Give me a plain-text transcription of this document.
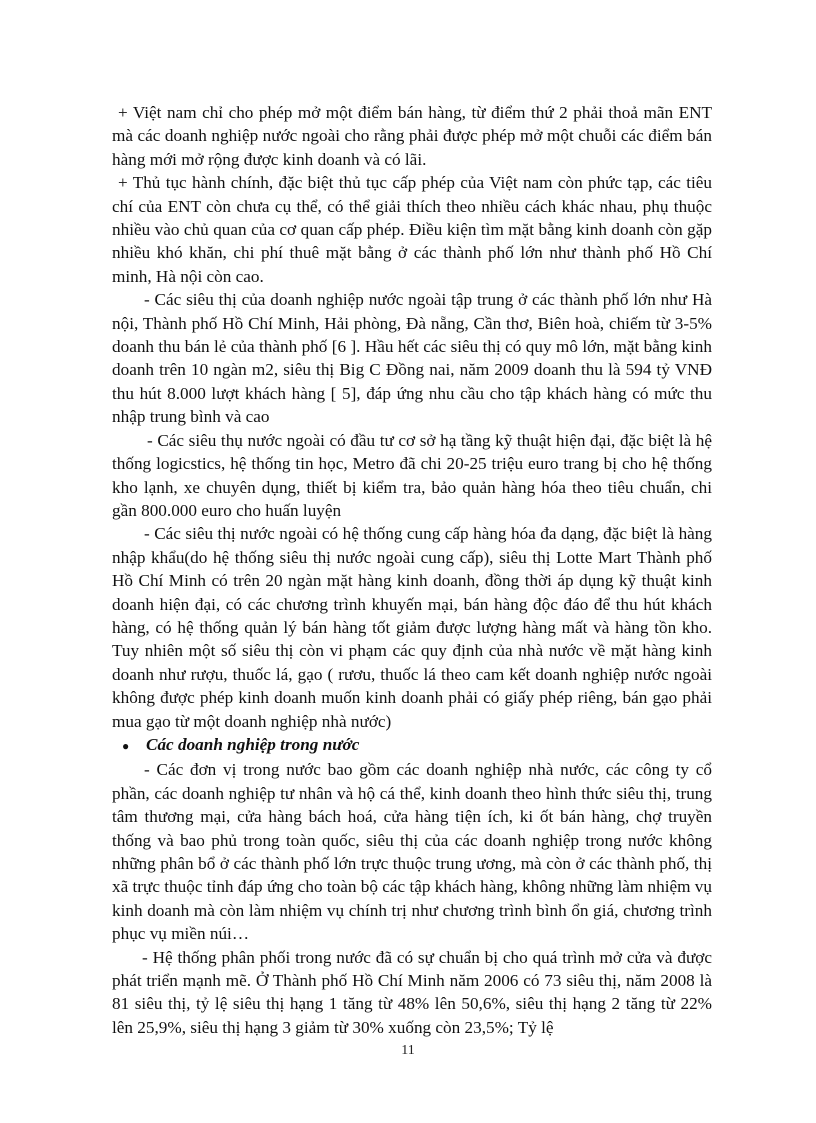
+ Việt nam chỉ cho phép mở một điểm bán hàng, từ điểm thứ 2 phải thoả mãn ENT mà các doanh nghiệp nước ngoài cho rằng phải được phép mở một chuỗi các điểm bán hàng mới mở rộng được kinh doanh và có lãi.

+ Thủ tục hành chính, đặc biệt thủ tục cấp phép của Việt nam còn phức tạp, các tiêu chí của ENT còn chưa cụ thể, có thể giải thích theo nhiều cách khác nhau, phụ thuộc nhiều vào chủ quan của cơ quan cấp phép. Điều kiện tìm mặt bằng kinh doanh còn gặp nhiều khó khăn, chi phí thuê mặt bằng ở các thành phố lớn như thành phố Hồ Chí minh, Hà nội còn cao.

- Các siêu thị của doanh nghiệp nước ngoài tập trung ở các thành phố lớn như Hà nội, Thành phố Hồ Chí Minh, Hải phòng, Đà nẵng, Cần thơ, Biên hoà, chiếm từ 3-5% doanh thu bán lẻ của thành phố [6 ]. Hầu hết các siêu thị có quy mô lớn, mặt bằng kinh doanh trên 10 ngàn m2, siêu thị Big C Đồng nai, năm 2009 doanh thu là 594 tỷ VNĐ thu hút 8.000 lượt khách hàng [ 5], đáp ứng nhu cầu cho tập khách hàng có mức thu nhập trung bình và cao

- Các siêu thụ nước ngoài có đầu tư cơ sở hạ tầng kỹ thuật hiện đại, đặc biệt là hệ thống logicstics, hệ thống tin học, Metro đã chi 20-25 triệu euro trang bị cho hệ thống kho lạnh, xe chuyên dụng, thiết bị kiểm tra, bảo quản hàng hóa theo tiêu chuẩn, chi gần 800.000 euro cho huấn luyện

- Các siêu thị nước ngoài có hệ thống cung cấp hàng hóa đa dạng, đặc biệt là hàng nhập khẩu(do hệ thống siêu thị nước ngoài cung cấp), siêu thị Lotte Mart Thành phố Hồ Chí Minh có trên 20 ngàn mặt hàng kinh doanh, đồng thời áp dụng kỹ thuật kinh doanh hiện đại, có các chương trình khuyến mại, bán hàng độc đáo để thu hút khách hàng, có hệ thống quản lý bán hàng tốt giảm được lượng hàng mất và hàng tồn kho. Tuy nhiên một số siêu thị còn vi phạm các quy định của nhà nước về mặt hàng kinh doanh như rượu, thuốc lá, gạo ( rươu, thuốc lá theo cam kết doanh nghiệp nước ngoài không được phép kinh doanh muốn kinh doanh phải có giấy phép riêng, bán gạo phải mua gạo từ một doanh nghiệp nhà nước)

● Các doanh nghiệp trong nước

- Các đơn vị trong nước bao gồm các doanh nghiệp nhà nước, các công ty cổ phần, các doanh nghiệp tư nhân và hộ cá thể, kinh doanh theo hình thức siêu thị, trung tâm thương mại, cửa hàng bách hoá, cửa hàng tiện ích, ki ốt bán hàng, chợ truyền thống và bao phủ trong toàn quốc, siêu thị của các doanh nghiệp trong nước không những phân bổ ở các thành phố lớn trực thuộc trung ương, mà còn ở các thành phố, thị xã trực thuộc tỉnh đáp ứng cho toàn bộ các tập khách hàng, không những làm nhiệm vụ kinh doanh mà còn làm nhiệm vụ chính trị như chương trình bình ổn giá, chương trình phục vụ miền núi…

- Hệ thống phân phối trong nước đã có sự chuẩn bị cho quá trình mở cửa và được phát triển mạnh mẽ. Ở Thành phố Hồ Chí Minh năm 2006 có 73 siêu thị, năm 2008 là 81 siêu thị, tỷ lệ siêu thị hạng 1 tăng từ 48% lên 50,6%, siêu thị hạng 2 tăng từ 22% lên 25,9%, siêu thị hạng 3 giảm từ 30% xuống còn 23,5%; Tỷ lệ

11
